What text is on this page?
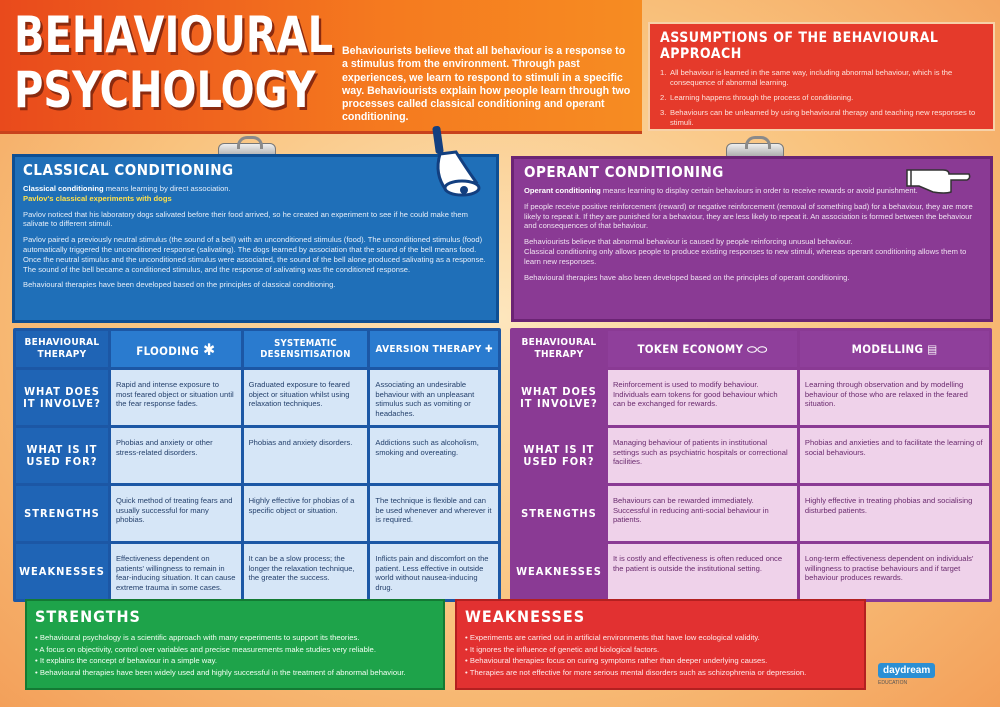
BEHAVIOURAL
PSYCHOLOGY
Behaviourists believe that all behaviour is a response to a stimulus from the environment. Through past experiences, we learn to respond to stimuli in a specific way. Behaviourists explain how people learn through two processes called classical conditioning and operant conditioning.
ASSUMPTIONS OF THE BEHAVIOURAL APPROACH
1. All behaviour is learned in the same way, including abnormal behaviour, which is the consequence of abnormal learning.
2. Learning happens through the process of conditioning.
3. Behaviours can be unlearned by using behavioural therapy and teaching new responses to stimuli.
CLASSICAL CONDITIONING

Classical conditioning means learning by direct association.
Pavlov's classical experiments with dogs

Pavlov noticed that his laboratory dogs salivated before their food arrived, so he created an experiment to see if he could make them salivate to different stimuli.

Pavlov paired a previously neutral stimulus (the sound of a bell) with an unconditioned stimulus (food). The unconditioned stimulus (food) automatically triggered the unconditioned response (salivating). The dogs learned by association that the sound of the bell means food. Once the neutral stimulus and the unconditioned stimulus were associated, the sound of the bell alone produced salivating as a response. The sound of the bell became a conditioned stimulus, and the response of salivating was the conditioned response.

Behavioural therapies have been developed based on the principles of classical conditioning.

OPERANT CONDITIONING

Operant conditioning means learning to display certain behaviours in order to receive rewards or avoid punishment.

If people receive positive reinforcement (reward) or negative reinforcement (removal of something bad) for a behaviour, they are more likely to repeat it. If they are punished for a behaviour, they are less likely to repeat it. An association is formed between the behaviour and consequences of that behaviour.

Behaviourists believe that abnormal behaviour is caused by people reinforcing unusual behaviour.
Classical conditioning only allows people to produce existing responses to new stimuli, whereas operant conditioning allows them to learn new responses.

Behavioural therapies have also been developed based on the principles of operant conditioning.

BEHAVIOURAL THERAPY	FLOODING ✱	SYSTEMATIC DESENSITISATION	AVERSION THERAPY ✚
WHAT DOES IT INVOLVE?	Rapid and intense exposure to most feared object or situation until the fear response fades.	Graduated exposure to feared object or situation whilst using relaxation techniques.	Associating an undesirable behaviour with an unpleasant stimulus such as vomiting or headaches.
WHAT IS IT USED FOR?	Phobias and anxiety or other stress-related disorders.	Phobias and anxiety disorders.	Addictions such as alcoholism, smoking and overeating.
STRENGTHS	Quick method of treating fears and usually successful for many phobias.	Highly effective for phobias of a specific object or situation.	The technique is flexible and can be used whenever and wherever it is required.
WEAKNESSES	Effectiveness dependent on patients' willingness to remain in fear-inducing situation. It can cause extreme trauma in some cases.	It can be a slow process; the longer the relaxation technique, the greater the success.	Inflicts pain and discomfort on the patient. Less effective in outside world without nausea-inducing drug.
BEHAVIOURAL THERAPY	TOKEN ECONOMY ⬭⬭	MODELLING ▤
WHAT DOES IT INVOLVE?	Reinforcement is used to modify behaviour. Individuals earn tokens for good behaviour which can be exchanged for rewards.	Learning through observation and by modelling behaviour of those who are relaxed in the feared situation.
WHAT IS IT USED FOR?	Managing behaviour of patients in institutional settings such as psychiatric hospitals or correctional facilities.	Phobias and anxieties and to facilitate the learning of social behaviours.
STRENGTHS	Behaviours can be rewarded immediately. Successful in reducing anti-social behaviour in patients.	Highly effective in treating phobias and socialising disturbed patients.
WEAKNESSES	It is costly and effectiveness is often reduced once the patient is outside the institutional setting.	Long-term effectiveness dependent on individuals' willingness to practise behaviours and if target behaviour produces rewards.
STRENGTHS
• Behavioural psychology is a scientific approach with many experiments to support its theories.
• A focus on objectivity, control over variables and precise measurements make studies very reliable.
• It explains the concept of behaviour in a simple way.
• Behavioural therapies have been widely used and highly successful in the treatment of abnormal behaviour.
WEAKNESSES
• Experiments are carried out in artificial environments that have low ecological validity.
• It ignores the influence of genetic and biological factors.
• Behavioural therapies focus on curing symptoms rather than deeper underlying causes.
• Therapies are not effective for more serious mental disorders such as schizophrenia or depression.	daydream
EDUCATION
